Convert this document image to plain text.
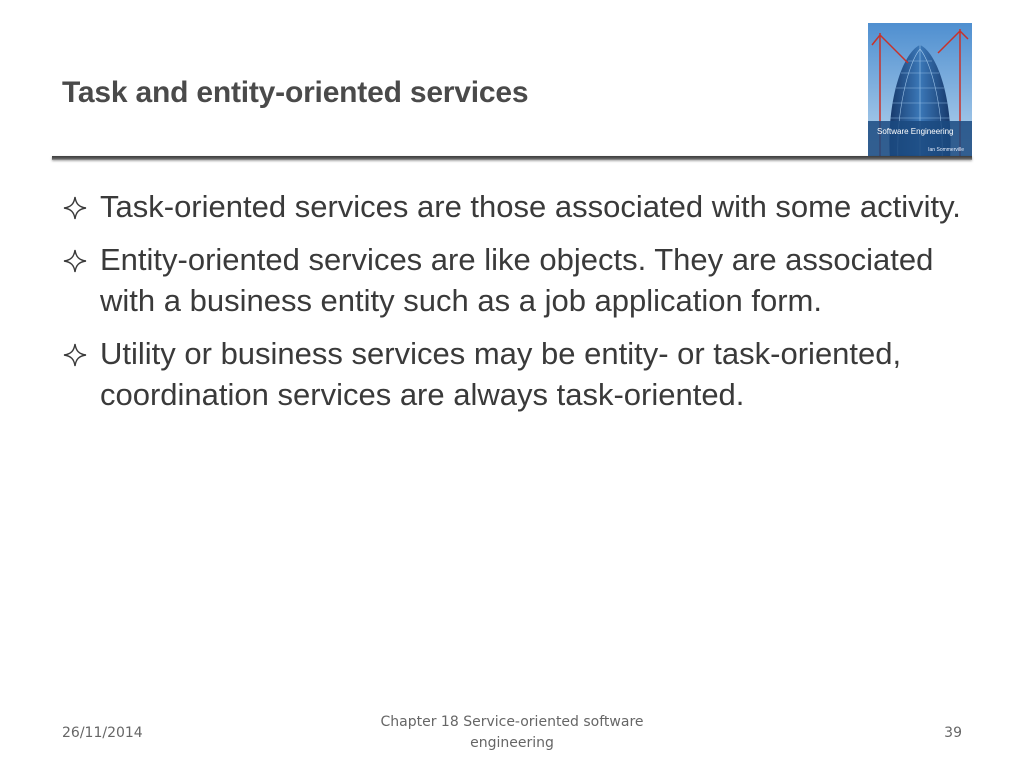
Task and entity-oriented services
Software Engineering
Ian Sommerville
Task-oriented services are those associated with some activity.
Entity-oriented services are like objects. They are associated with a business entity such as a job application form.
Utility or business services may be entity- or task-oriented, coordination services are always task-oriented.
26/11/2014
Chapter 18 Service-oriented software
engineering
39
